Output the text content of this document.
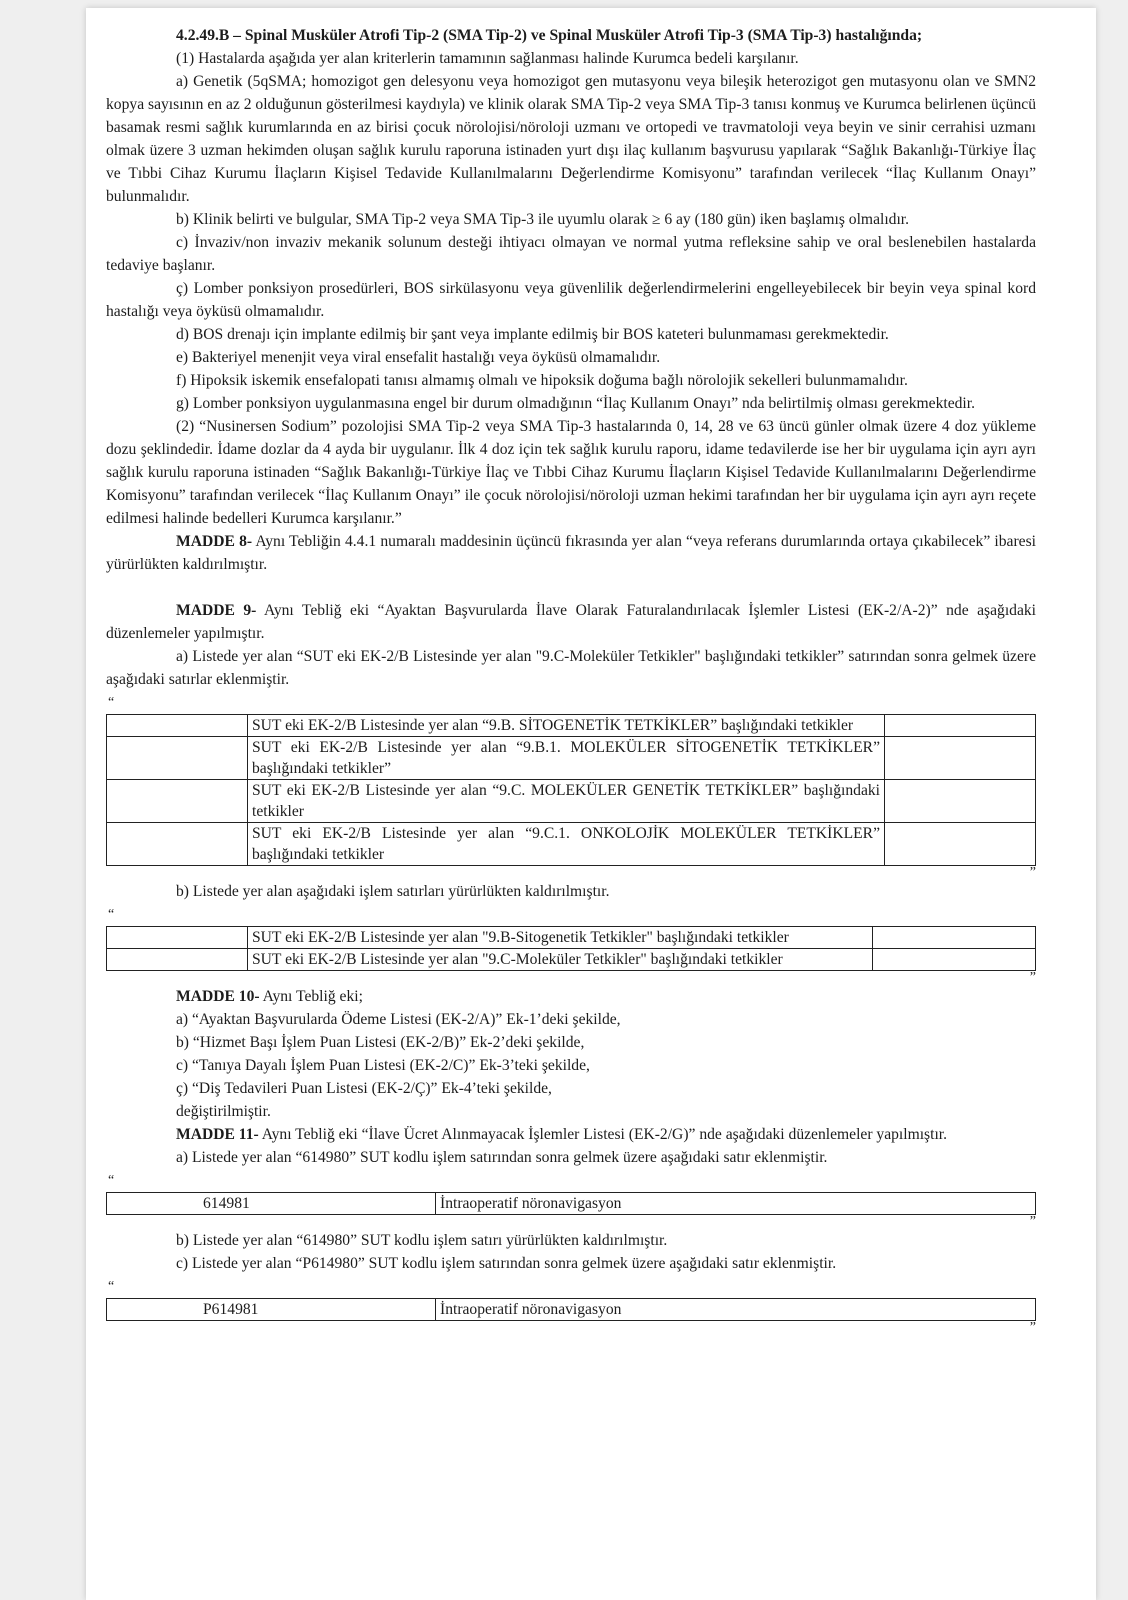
4.2.49.B – Spinal Musküler Atrofi Tip-2 (SMA Tip-2) ve Spinal Musküler Atrofi Tip-3 (SMA Tip-3) hastalığında;

(1) Hastalarda aşağıda yer alan kriterlerin tamamının sağlanması halinde Kurumca bedeli karşılanır.

a) Genetik (5qSMA; homozigot gen delesyonu veya homozigot gen mutasyonu veya bileşik heterozigot gen mutasyonu olan ve SMN2 kopya sayısının en az 2 olduğunun gösterilmesi kaydıyla) ve klinik olarak SMA Tip-2 veya SMA Tip-3 tanısı konmuş ve Kurumca belirlenen üçüncü basamak resmi sağlık kurumlarında en az birisi çocuk nörolojisi/nöroloji uzmanı ve ortopedi ve travmatoloji veya beyin ve sinir cerrahisi uzmanı olmak üzere 3 uzman hekimden oluşan sağlık kurulu raporuna istinaden yurt dışı ilaç kullanım başvurusu yapılarak “Sağlık Bakanlığı-Türkiye İlaç ve Tıbbi Cihaz Kurumu İlaçların Kişisel Tedavide Kullanılmalarını Değerlendirme Komisyonu” tarafından verilecek “İlaç Kullanım Onayı” bulunmalıdır.

b) Klinik belirti ve bulgular, SMA Tip-2 veya SMA Tip-3 ile uyumlu olarak ≥ 6 ay (180 gün) iken başlamış olmalıdır.

c) İnvaziv/non invaziv mekanik solunum desteği ihtiyacı olmayan ve normal yutma refleksine sahip ve oral beslenebilen hastalarda tedaviye başlanır.

ç) Lomber ponksiyon prosedürleri, BOS sirkülasyonu veya güvenlilik değerlendirmelerini engelleyebilecek bir beyin veya spinal kord hastalığı veya öyküsü olmamalıdır.

d) BOS drenajı için implante edilmiş bir şant veya implante edilmiş bir BOS kateteri bulunmaması gerekmektedir.

e) Bakteriyel menenjit veya viral ensefalit hastalığı veya öyküsü olmamalıdır.

f) Hipoksik iskemik ensefalopati tanısı almamış olmalı ve hipoksik doğuma bağlı nörolojik sekelleri bulunmamalıdır.

g) Lomber ponksiyon uygulanmasına engel bir durum olmadığının “İlaç Kullanım Onayı” nda belirtilmiş olması gerekmektedir.

(2) “Nusinersen Sodium” pozolojisi SMA Tip-2 veya SMA Tip-3 hastalarında 0, 14, 28 ve 63 üncü günler olmak üzere 4 doz yükleme dozu şeklindedir. İdame dozlar da 4 ayda bir uygulanır. İlk 4 doz için tek sağlık kurulu raporu, idame tedavilerde ise her bir uygulama için ayrı ayrı sağlık kurulu raporuna istinaden “Sağlık Bakanlığı-Türkiye İlaç ve Tıbbi Cihaz Kurumu İlaçların Kişisel Tedavide Kullanılmalarını Değerlendirme Komisyonu” tarafından verilecek “İlaç Kullanım Onayı” ile çocuk nörolojisi/nöroloji uzman hekimi tarafından her bir uygulama için ayrı ayrı reçete edilmesi halinde bedelleri Kurumca karşılanır.”

MADDE 8- Aynı Tebliğin 4.4.1 numaralı maddesinin üçüncü fıkrasında yer alan “veya referans durumlarında ortaya çıkabilecek” ibaresi yürürlükten kaldırılmıştır.

MADDE 9- Aynı Tebliğ eki “Ayaktan Başvurularda İlave Olarak Faturalandırılacak İşlemler Listesi (EK-2/A-2)” nde aşağıdaki düzenlemeler yapılmıştır.

a) Listede yer alan “SUT eki EK-2/B Listesinde yer alan "9.C-Moleküler Tetkikler" başlığındaki tetkikler” satırından sonra gelmek üzere aşağıdaki satırlar eklenmiştir.

“
	SUT eki EK-2/B Listesinde yer alan “9.B. SİTOGENETİK TETKİKLER” başlığındaki tetkikler	
	SUT eki EK-2/B Listesinde yer alan “9.B.1. MOLEKÜLER SİTOGENETİK TETKİKLER” başlığındaki tetkikler”	
	SUT eki EK-2/B Listesinde yer alan “9.C. MOLEKÜLER GENETİK TETKİKLER” başlığındaki tetkikler	
	SUT eki EK-2/B Listesinde yer alan “9.C.1. ONKOLOJİK MOLEKÜLER TETKİKLER” başlığındaki tetkikler	
”

b) Listede yer alan aşağıdaki işlem satırları yürürlükten kaldırılmıştır.

“
	SUT eki EK-2/B Listesinde yer alan "9.B-Sitogenetik Tetkikler" başlığındaki tetkikler	
	SUT eki EK-2/B Listesinde yer alan "9.C-Moleküler Tetkikler" başlığındaki tetkikler	
”

MADDE 10- Aynı Tebliğ eki;

a) “Ayaktan Başvurularda Ödeme Listesi (EK-2/A)” Ek-1’deki şekilde,

b) “Hizmet Başı İşlem Puan Listesi (EK-2/B)” Ek-2’deki şekilde,

c) “Tanıya Dayalı İşlem Puan Listesi (EK-2/C)” Ek-3’teki şekilde,

ç) “Diş Tedavileri Puan Listesi (EK-2/Ç)” Ek-4’teki şekilde,

değiştirilmiştir.

MADDE 11- Aynı Tebliğ eki “İlave Ücret Alınmayacak İşlemler Listesi (EK-2/G)” nde aşağıdaki düzenlemeler yapılmıştır.

a) Listede yer alan “614980” SUT kodlu işlem satırından sonra gelmek üzere aşağıdaki satır eklenmiştir.

“
614981	İntraoperatif nöronavigasyon
”

b) Listede yer alan “614980” SUT kodlu işlem satırı yürürlükten kaldırılmıştır.

c) Listede yer alan “P614980” SUT kodlu işlem satırından sonra gelmek üzere aşağıdaki satır eklenmiştir.

“
P614981	İntraoperatif nöronavigasyon
”
